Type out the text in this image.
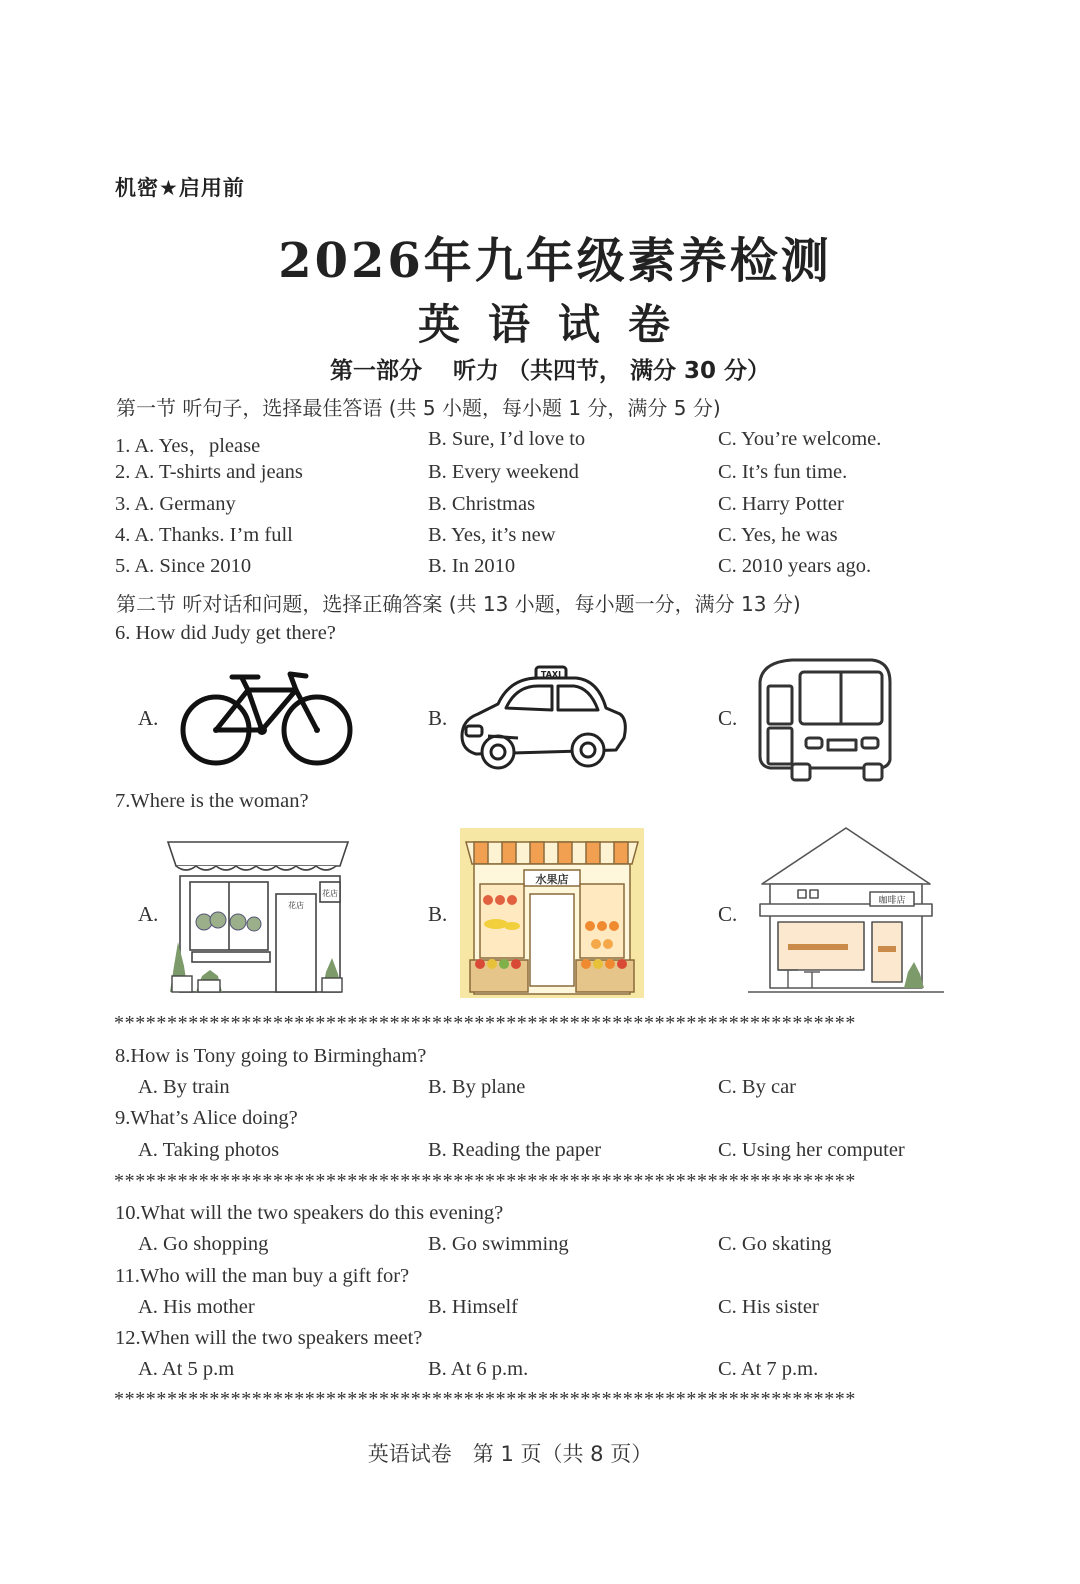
机密★启用前
2026年九年级素养检测
英语试卷
第一部分　 听力 （共四节， 满分 30 分）
第一节 听句子，选择最佳答语 (共 5 小题，每小题 1 分，满分 5 分)
1. A. Yes，please	B. Sure, I’d love to	C. You’re welcome.
2. A. T-shirts and jeans	B. Every weekend	C. It’s fun time.
3. A. Germany	B. Christmas	C. Harry Potter
4. A. Thanks. I’m full	B. Yes, it’s new	C. Yes, he was
5. A. Since 2010	B. In 2010	C. 2010 years ago.
第二节 听对话和问题，选择正确答案 (共 13 小题，每小题一分，满分 13 分)
6. How did Judy get there?
A.	B.	C.
TAXI
7.Where is the woman?
A.	B.	C.
花店
花店
水果店
咖啡店
**********************************************************************
8.How is Tony going to Birmingham?
A. By train	B. By plane	C. By car
9.What’s Alice doing?
A. Taking photos	B. Reading the paper	C. Using her computer
**********************************************************************
10.What will the two speakers do this evening?
A. Go shopping	B. Go swimming	C. Go skating
11.Who will the man buy a gift for?
A. His mother	B. Himself	C. His sister
12.When will the two speakers meet?
A. At 5 p.m	B. At 6 p.m.	C. At 7 p.m.
**********************************************************************
英语试卷　第 1 页（共 8 页）
